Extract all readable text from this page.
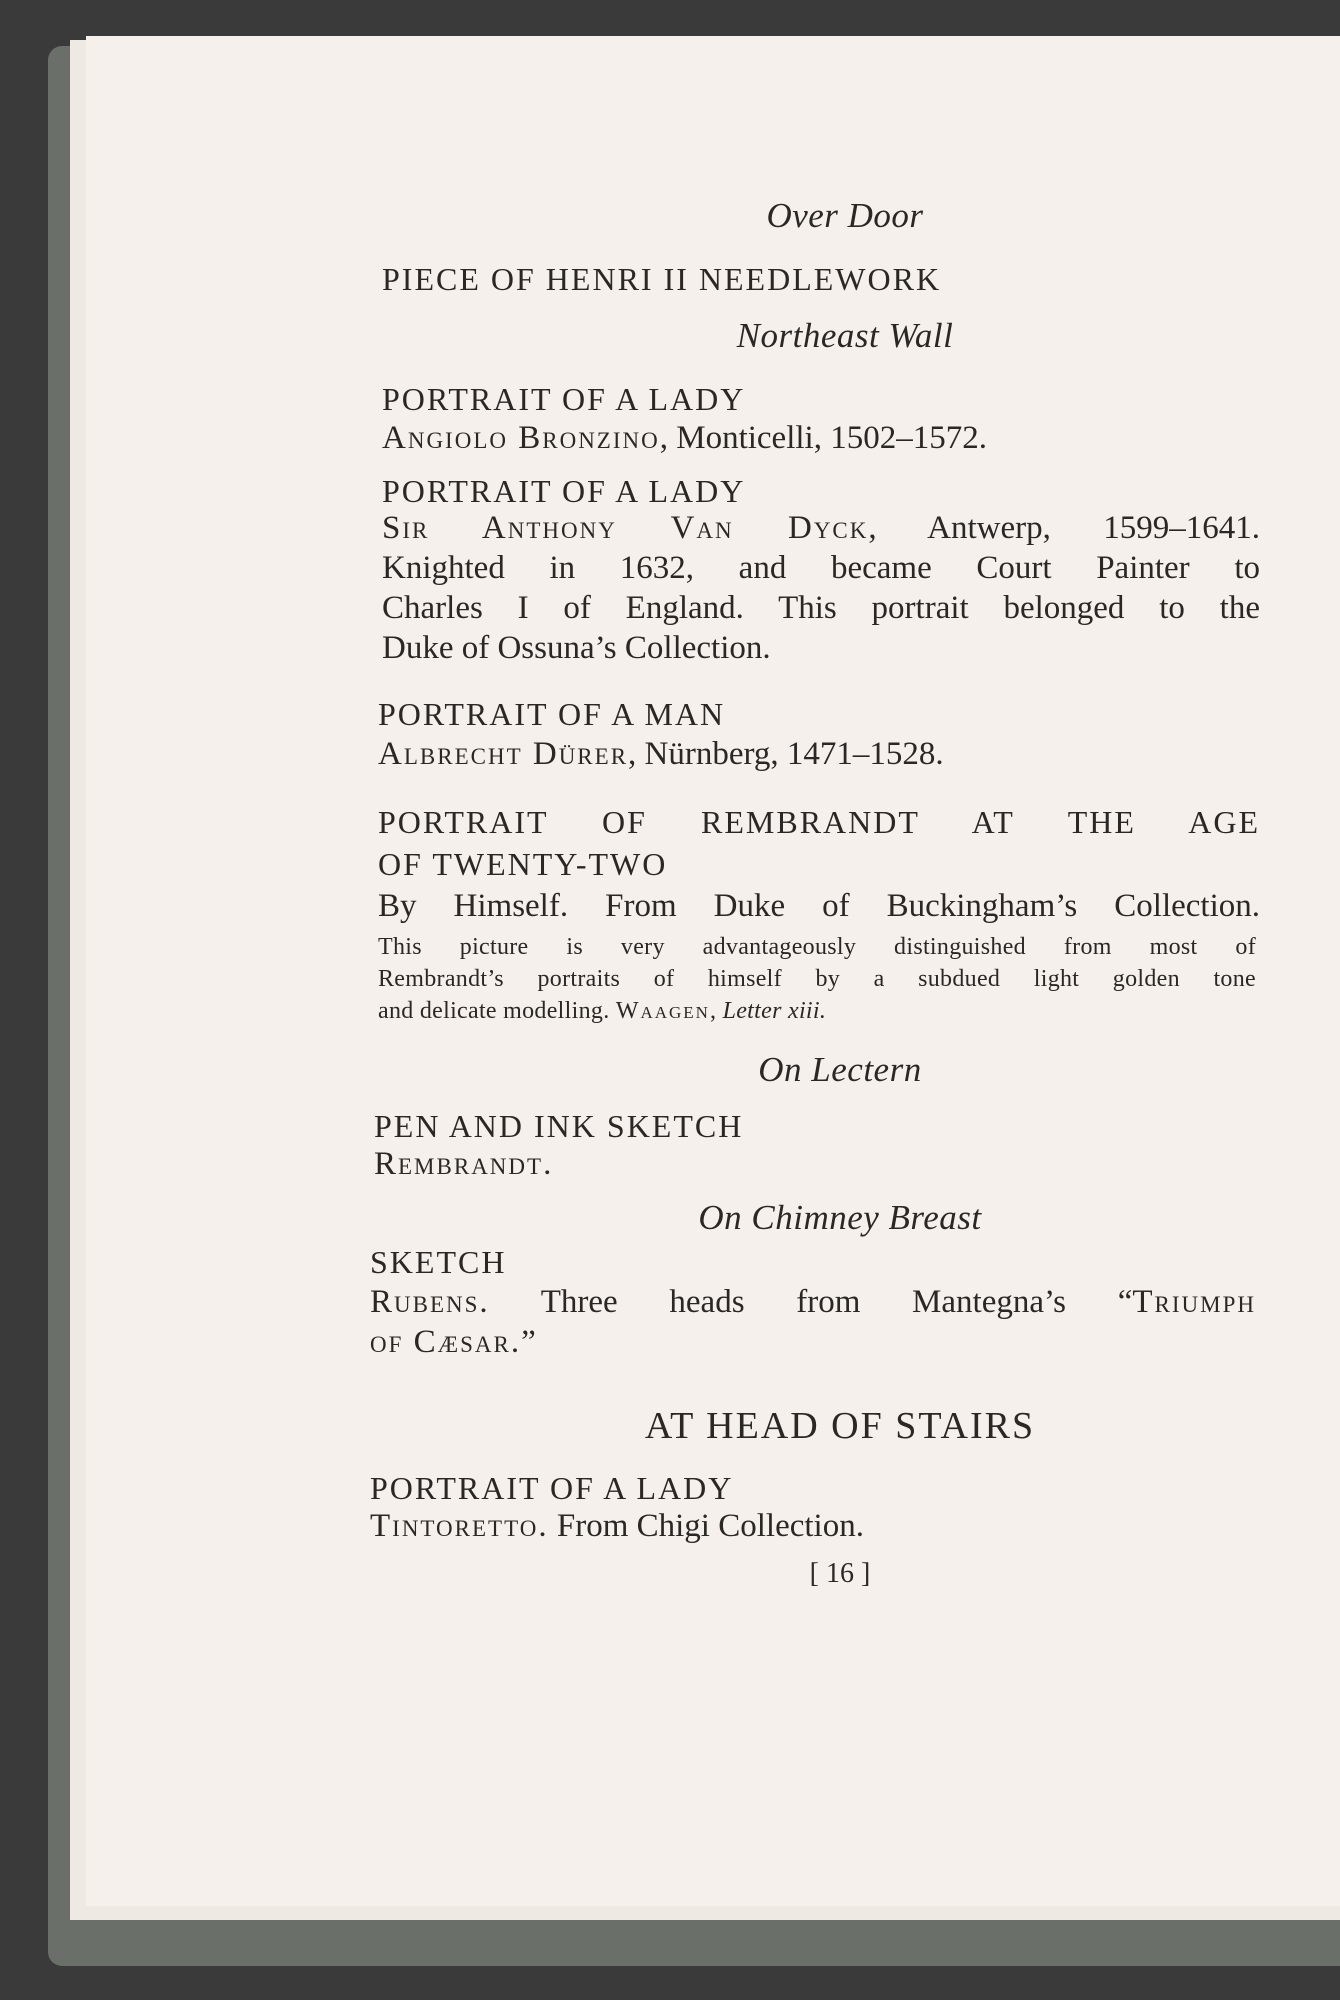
Over Door
PIECE OF HENRI II NEEDLEWORK
Northeast Wall
PORTRAIT OF A LADY
Angiolo Bronzino, Monticelli, 1502–1572.
PORTRAIT OF A LADY
Sir Anthony Van Dyck, Antwerp, 1599–1641.
Knighted in 1632, and became Court Painter to
Charles I of England. This portrait belonged to the
Duke of Ossuna’s Collection.
PORTRAIT OF A MAN
Albrecht Dürer, Nürnberg, 1471–1528.
PORTRAIT OF REMBRANDT AT THE AGE
OF TWENTY-TWO
By Himself. From Duke of Buckingham’s Collection.
This picture is very advantageously distinguished from most of
Rembrandt’s portraits of himself by a subdued light golden tone
and delicate modelling. Waagen, Letter xiii.
On Lectern
PEN AND INK SKETCH
Rembrandt.
On Chimney Breast
SKETCH
Rubens. Three heads from Mantegna’s “Triumph
of Cæsar.”
AT HEAD OF STAIRS
PORTRAIT OF A LADY
Tintoretto. From Chigi Collection.
[ 16 ]
